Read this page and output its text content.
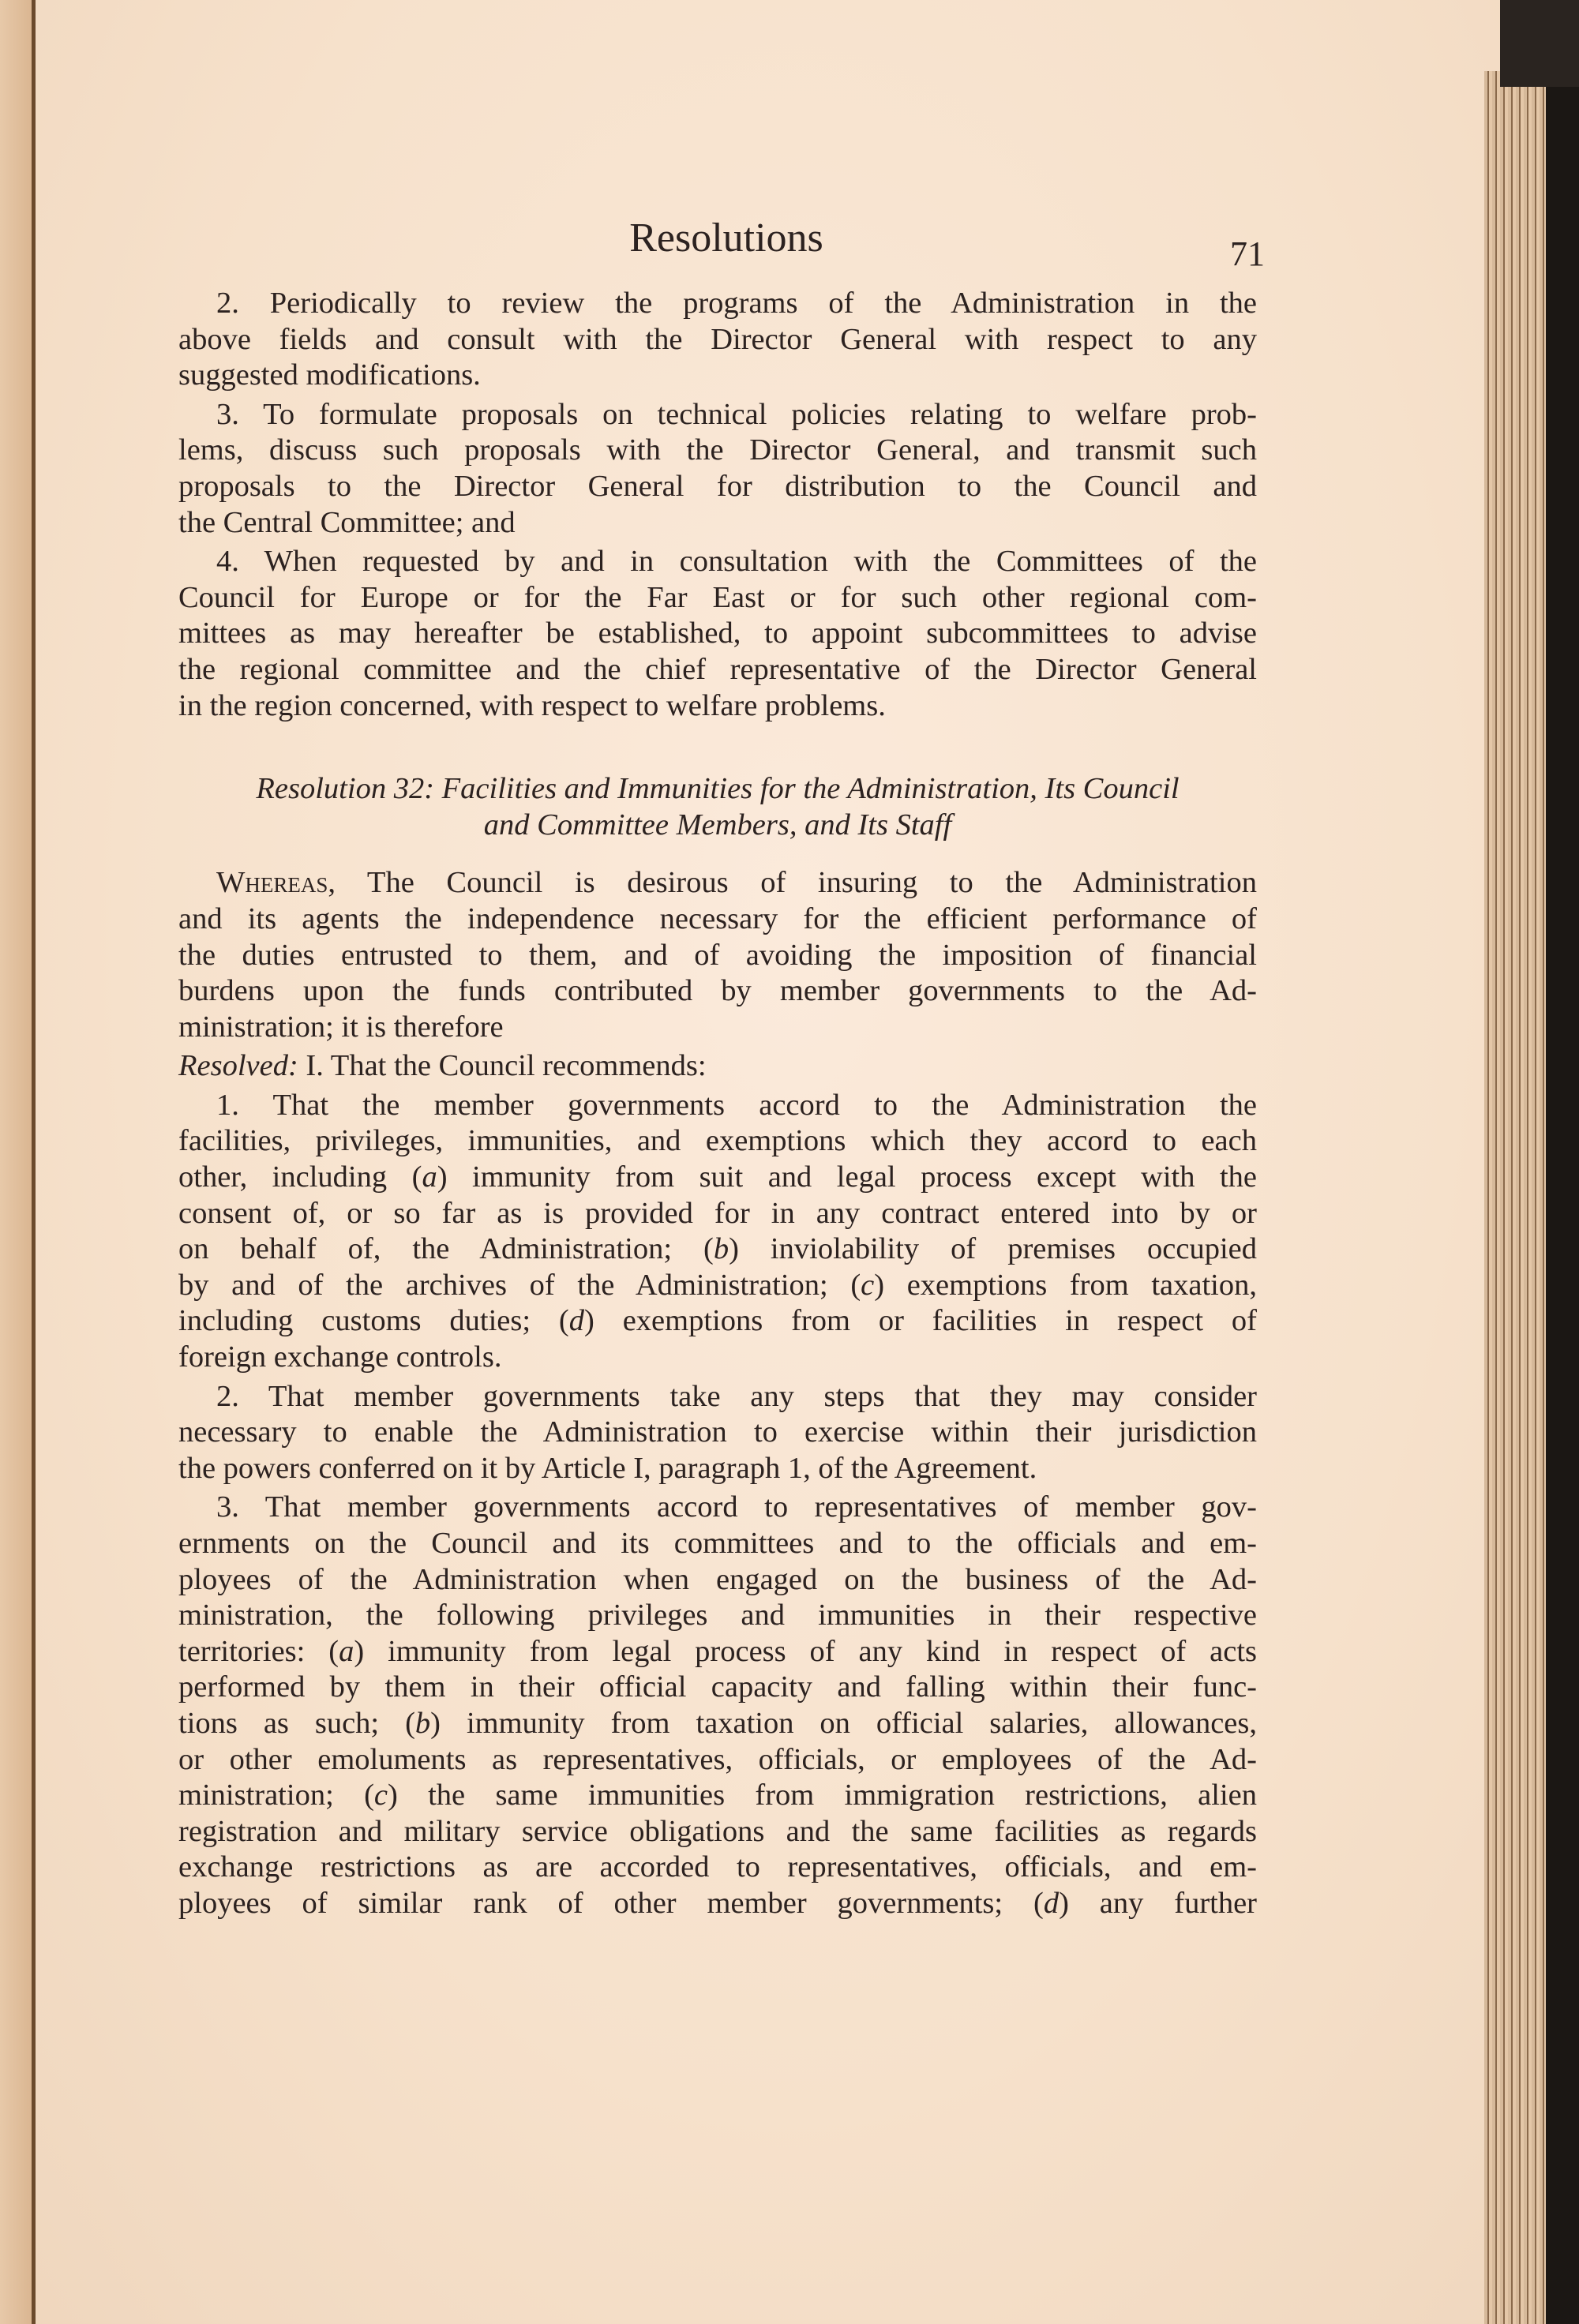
Resolutions	71
2. Periodically to review the programs of the Administration in the
above fields and consult with the Director General with respect to any
suggested modifications.
3. To formulate proposals on technical policies relating to welfare prob-
lems, discuss such proposals with the Director General, and transmit such
proposals to the Director General for distribution to the Council and
the Central Committee; and
4. When requested by and in consultation with the Committees of the
Council for Europe or for the Far East or for such other regional com-
mittees as may hereafter be established, to appoint subcommittees to advise
the regional committee and the chief representative of the Director General
in the region concerned, with respect to welfare problems.
Resolution 32: Facilities and Immunities for the Administration, Its Council
and Committee Members, and Its Staff
Whereas, The Council is desirous of insuring to the Administration
and its agents the independence necessary for the efficient performance of
the duties entrusted to them, and of avoiding the imposition of financial
burdens upon the funds contributed by member governments to the Ad-
ministration; it is therefore
Resolved: I. That the Council recommends:
1. That the member governments accord to the Administration the
facilities, privileges, immunities, and exemptions which they accord to each
other, including (a) immunity from suit and legal process except with the
consent of, or so far as is provided for in any contract entered into by or
on behalf of, the Administration; (b) inviolability of premises occupied
by and of the archives of the Administration; (c) exemptions from taxation,
including customs duties; (d) exemptions from or facilities in respect of
foreign exchange controls.
2. That member governments take any steps that they may consider
necessary to enable the Administration to exercise within their jurisdiction
the powers conferred on it by Article I, paragraph 1, of the Agreement.
3. That member governments accord to representatives of member gov-
ernments on the Council and its committees and to the officials and em-
ployees of the Administration when engaged on the business of the Ad-
ministration, the following privileges and immunities in their respective
territories: (a) immunity from legal process of any kind in respect of acts
performed by them in their official capacity and falling within their func-
tions as such; (b) immunity from taxation on official salaries, allowances,
or other emoluments as representatives, officials, or employees of the Ad-
ministration; (c) the same immunities from immigration restrictions, alien
registration and military service obligations and the same facilities as regards
exchange restrictions as are accorded to representatives, officials, and em-
ployees of similar rank of other member governments; (d) any further
